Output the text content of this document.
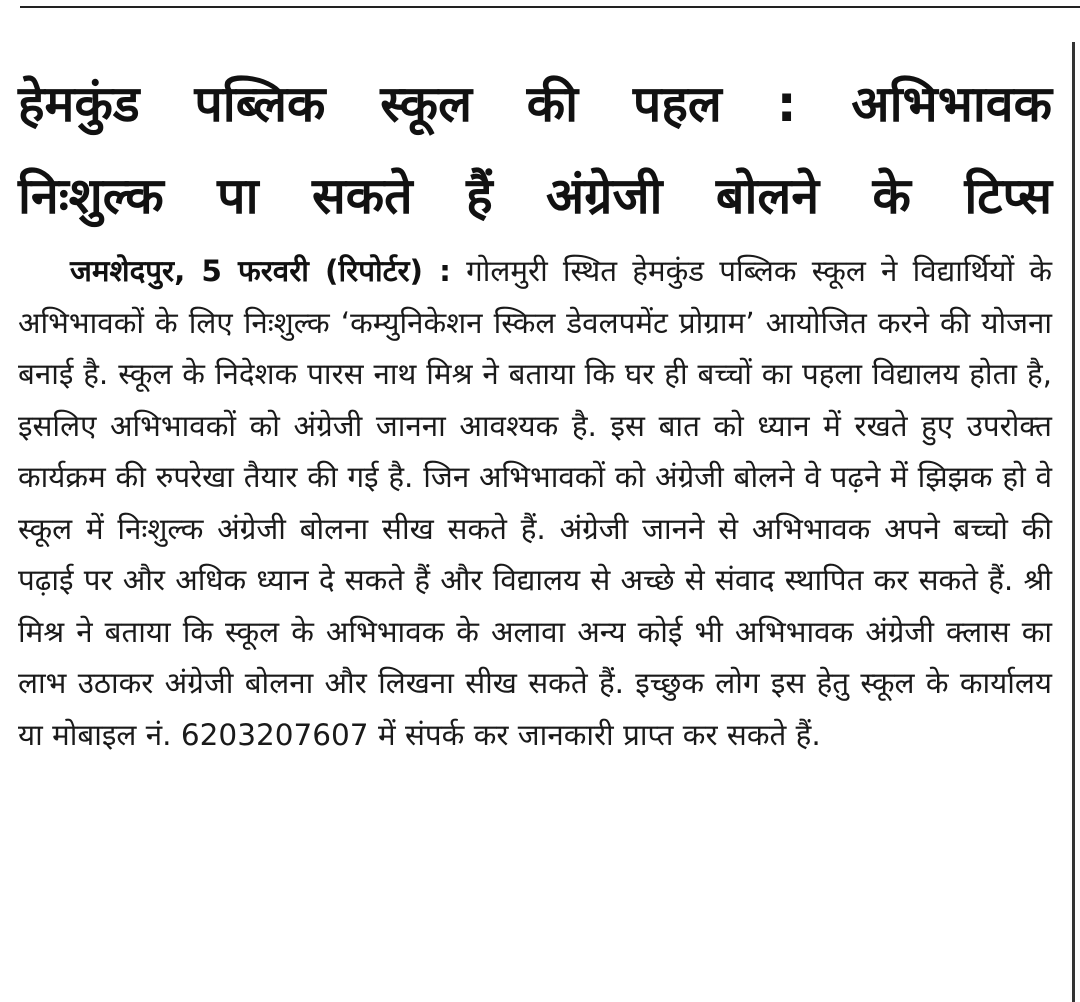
हेमकुंड पब्लिक स्कूल की पहल : अभिभावक
निःशुल्क पा सकते हैं अंग्रेजी बोलने के टिप्स

जमशेदपुर, 5 फरवरी (रिपोर्टर) : गोलमुरी स्थित हेमकुंड पब्लिक स्कूल ने विद्यार्थियों के अभिभावकों के लिए निःशुल्क ‘कम्युनिकेशन स्किल डेवलपमेंट प्रोग्राम’ आयोजित करने की योजना बनाई है. स्कूल के निदेशक पारस नाथ मिश्र ने बताया कि घर ही बच्चों का पहला विद्यालय होता है, इसलिए अभिभावकों को अंग्रेजी जानना आवश्यक है. इस बात को ध्यान में रखते हुए उपरोक्त कार्यक्रम की रुपरेखा तैयार की गई है. जिन अभिभावकों को अंग्रेजी बोलने वे पढ़ने में झिझक हो वे स्कूल में निःशुल्क अंग्रेजी बोलना सीख सकते हैं. अंग्रेजी जानने से अभिभावक अपने बच्चो की पढ़ाई पर और अधिक ध्यान दे सकते हैं और विद्यालय से अच्छे से संवाद स्थापित कर सकते हैं. श्री मिश्र ने बताया कि स्कूल के अभिभावक के अलावा अन्य कोई भी अभिभावक अंग्रेजी क्लास का लाभ उठाकर अंग्रेजी बोलना और लिखना सीख सकते हैं. इच्छुक लोग इस हेतु स्कूल के कार्यालय या मोबाइल नं. 6203207607 में संपर्क कर जानकारी प्राप्त कर सकते हैं.
